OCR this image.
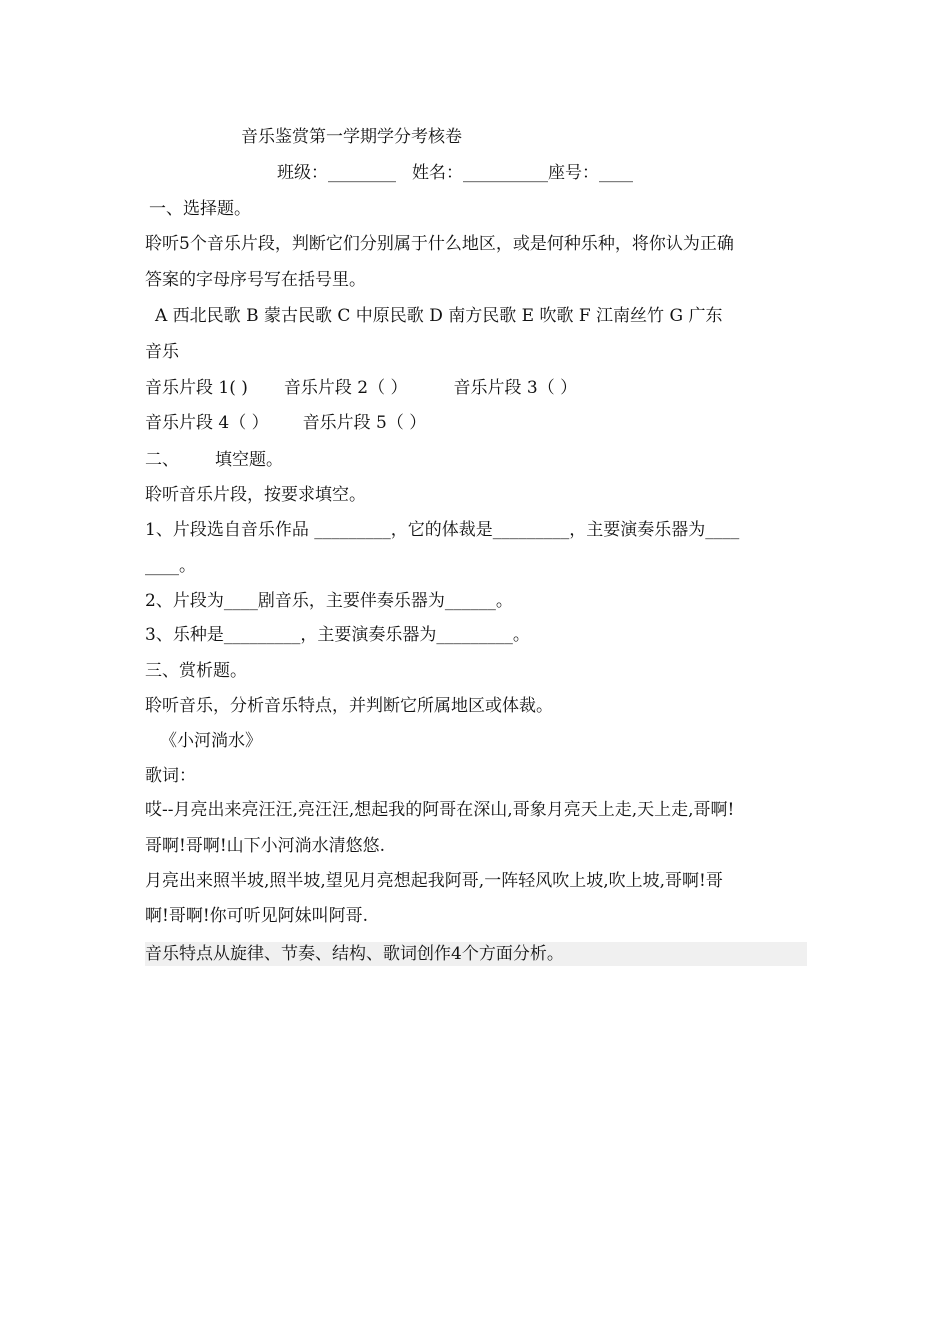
音乐鉴赏第一学期学分考核卷
班级：________ 姓名：__________座号：____
一、选择题。
聆听5个音乐片段，判断它们分别属于什么地区，或是何种乐种，将你认为正确
答案的字母序号写在括号里。
A 西北民歌 B 蒙古民歌 C 中原民歌 D 南方民歌 E 吹歌 F 江南丝竹 G 广东
音乐
音乐片段 1( ) 音乐片段 2（ ）	音乐片段 3（ ）
音乐片段 4（ ） 音乐片段 5（ ）
二、 填空题。
聆听音乐片段，按要求填空。
1、片段选自音乐作品 _________，它的体裁是_________，主要演奏乐器为____
____。
2、片段为____剧音乐，主要伴奏乐器为______。
3、乐种是_________，主要演奏乐器为_________。
三、赏析题。
聆听音乐，分析音乐特点，并判断它所属地区或体裁。
《小河淌水》
歌词：
哎--月亮出来亮汪汪,亮汪汪,想起我的阿哥在深山,哥象月亮天上走,天上走,哥啊!
哥啊!哥啊!山下小河淌水清悠悠.
月亮出来照半坡,照半坡,望见月亮想起我阿哥,一阵轻风吹上坡,吹上坡,哥啊!哥
啊!哥啊!你可听见阿妹叫阿哥.
音乐特点从旋律、节奏、结构、歌词创作4个方面分析。
